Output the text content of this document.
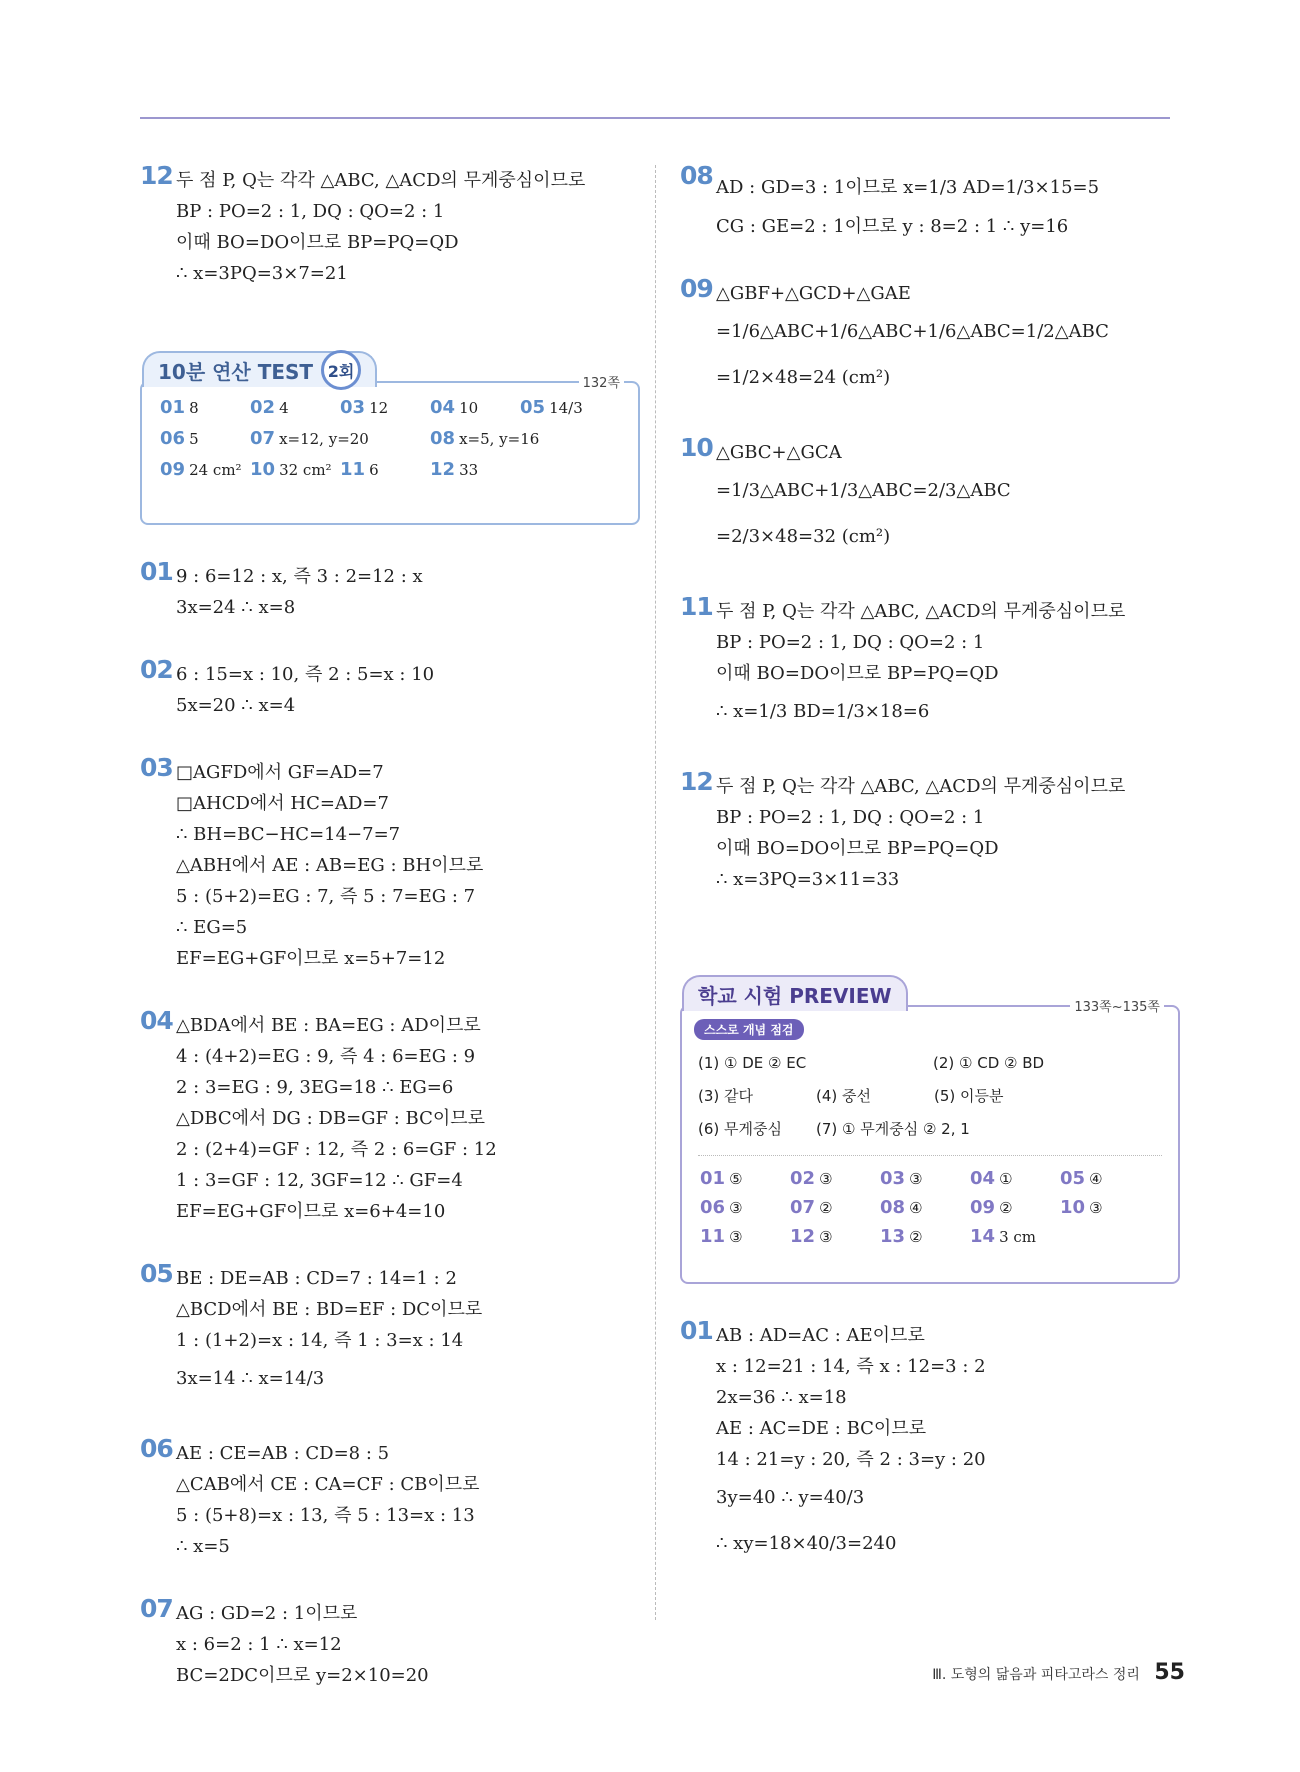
12 두 점 P, Q는 각각 △ABC, △ACD의 무게중심이므로
BP : PO=2 : 1, DQ : QO=2 : 1
이때 BO=DO이므로 BP=PQ=QD
∴ x=3PQ=3×7=21
10분 연산 TEST 2회
132쪽
01 8	02 4	03 12	04 10	05 14/3
06 5	07 x=12, y=20	08 x=5, y=16
09 24 cm² 10 32 cm² 11 6	12 33
01 9 : 6=12 : x, 즉 3 : 2=12 : x
3x=24 ∴ x=8
02 6 : 15=x : 10, 즉 2 : 5=x : 10
5x=20 ∴ x=4
03 □AGFD에서 GF=AD=7
□AHCD에서 HC=AD=7
∴ BH=BC−HC=14−7=7
△ABH에서 AE : AB=EG : BH이므로
5 : (5+2)=EG : 7, 즉 5 : 7=EG : 7
∴ EG=5
EF=EG+GF이므로 x=5+7=12
04 △BDA에서 BE : BA=EG : AD이므로
4 : (4+2)=EG : 9, 즉 4 : 6=EG : 9
2 : 3=EG : 9, 3EG=18 ∴ EG=6
△DBC에서 DG : DB=GF : BC이므로
2 : (2+4)=GF : 12, 즉 2 : 6=GF : 12
1 : 3=GF : 12, 3GF=12 ∴ GF=4
EF=EG+GF이므로 x=6+4=10
05 BE : DE=AB : CD=7 : 14=1 : 2
△BCD에서 BE : BD=EF : DC이므로
1 : (1+2)=x : 14, 즉 1 : 3=x : 14
3x=14 ∴ x=14/3
06 AE : CE=AB : CD=8 : 5
△CAB에서 CE : CA=CF : CB이므로
5 : (5+8)=x : 13, 즉 5 : 13=x : 13
∴ x=5
07 AG : GD=2 : 1이므로
x : 6=2 : 1 ∴ x=12
BC=2DC이므로 y=2×10=20
08 AD : GD=3 : 1이므로 x=1/3 AD=1/3×15=5
CG : GE=2 : 1이므로 y : 8=2 : 1 ∴ y=16
09 △GBF+△GCD+△GAE
=1/6△ABC+1/6△ABC+1/6△ABC=1/2△ABC
=1/2×48=24 (cm²)
10 △GBC+△GCA
=1/3△ABC+1/3△ABC=2/3△ABC
=2/3×48=32 (cm²)
11 두 점 P, Q는 각각 △ABC, △ACD의 무게중심이므로
BP : PO=2 : 1, DQ : QO=2 : 1
이때 BO=DO이므로 BP=PQ=QD
∴ x=1/3 BD=1/3×18=6
12 두 점 P, Q는 각각 △ABC, △ACD의 무게중심이므로
BP : PO=2 : 1, DQ : QO=2 : 1
이때 BO=DO이므로 BP=PQ=QD
∴ x=3PQ=3×11=33
학교 시험 PREVIEW	133쪽~135쪽
스스로 개념 점검
(1) ① DE ② EC	(2) ① CD ② BD
(3) 같다	(4) 중선	(5) 이등분
(6) 무게중심	(7) ① 무게중심 ② 2, 1
01 ⑤	02 ③	03 ③	04 ①	05 ④
06 ③	07 ②	08 ④	09 ②	10 ③
11 ③	12 ③	13 ②	14 3 cm
01 AB : AD=AC : AE이므로
x : 12=21 : 14, 즉 x : 12=3 : 2
2x=36 ∴ x=18
AE : AC=DE : BC이므로
14 : 21=y : 20, 즉 2 : 3=y : 20
3y=40 ∴ y=40/3
∴ xy=18×40/3=240
Ⅲ. 도형의 닮음과 피타고라스 정리 55
